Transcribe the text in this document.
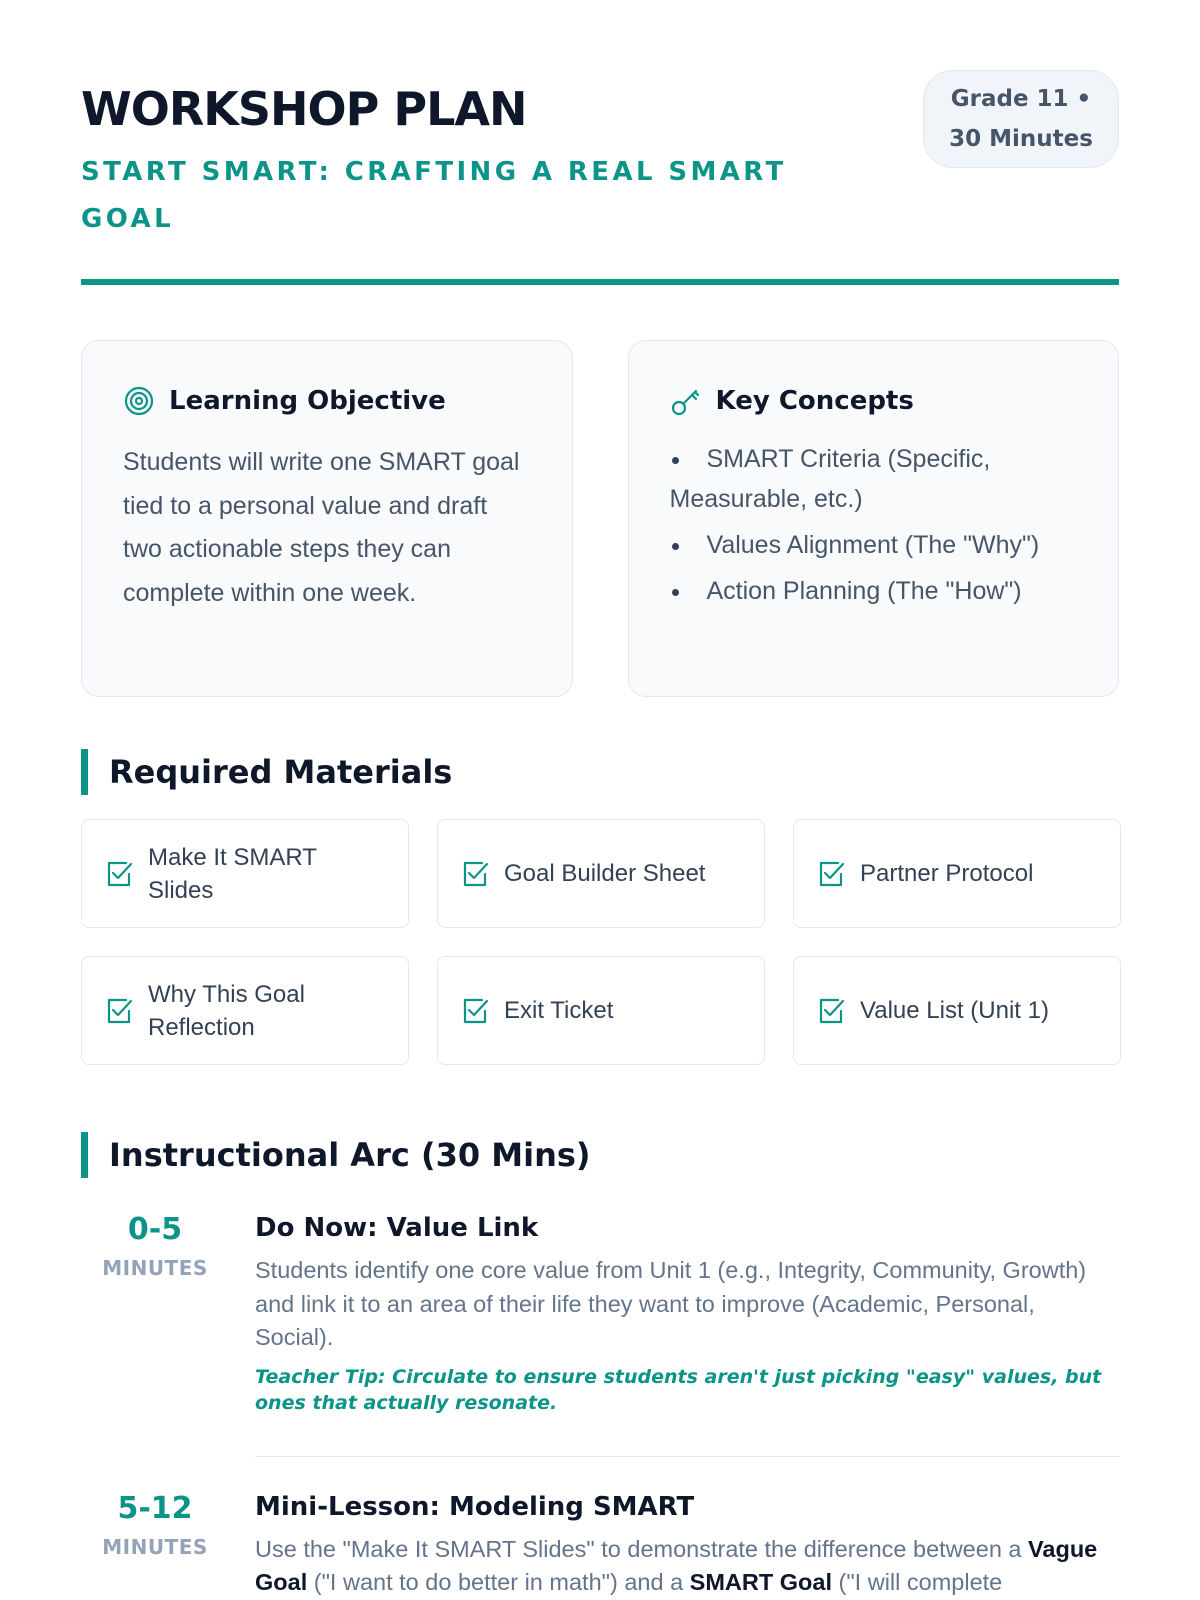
WORKSHOP PLAN
START SMART: CRAFTING A REAL SMART GOAL
Grade 11 • 30 Minutes
Learning Objective

Students will write one SMART goal tied to a personal value and draft two actionable steps they can complete within one week.

Key Concepts
SMART Criteria (Specific, Measurable, etc.)
Values Alignment (The "Why")
Action Planning (The "How")
Required Materials
Make It SMART Slides
Goal Builder Sheet	Partner Protocol
Why This Goal Reflection
Exit Ticket	Value List (Unit 1)
Instructional Arc (30 Mins)
0-5
MINUTES
Do Now: Value Link

Students identify one core value from Unit 1 (e.g., Integrity, Community, Growth) and link it to an area of their life they want to improve (Academic, Personal, Social).

Teacher Tip: Circulate to ensure students aren't just picking "easy" values, but ones that actually resonate.

5-12
MINUTES
Mini-Lesson: Modeling SMART

Use the "Make It SMART Slides" to demonstrate the difference between a Vague Goal ("I want to do better in math") and a SMART Goal ("I will complete
